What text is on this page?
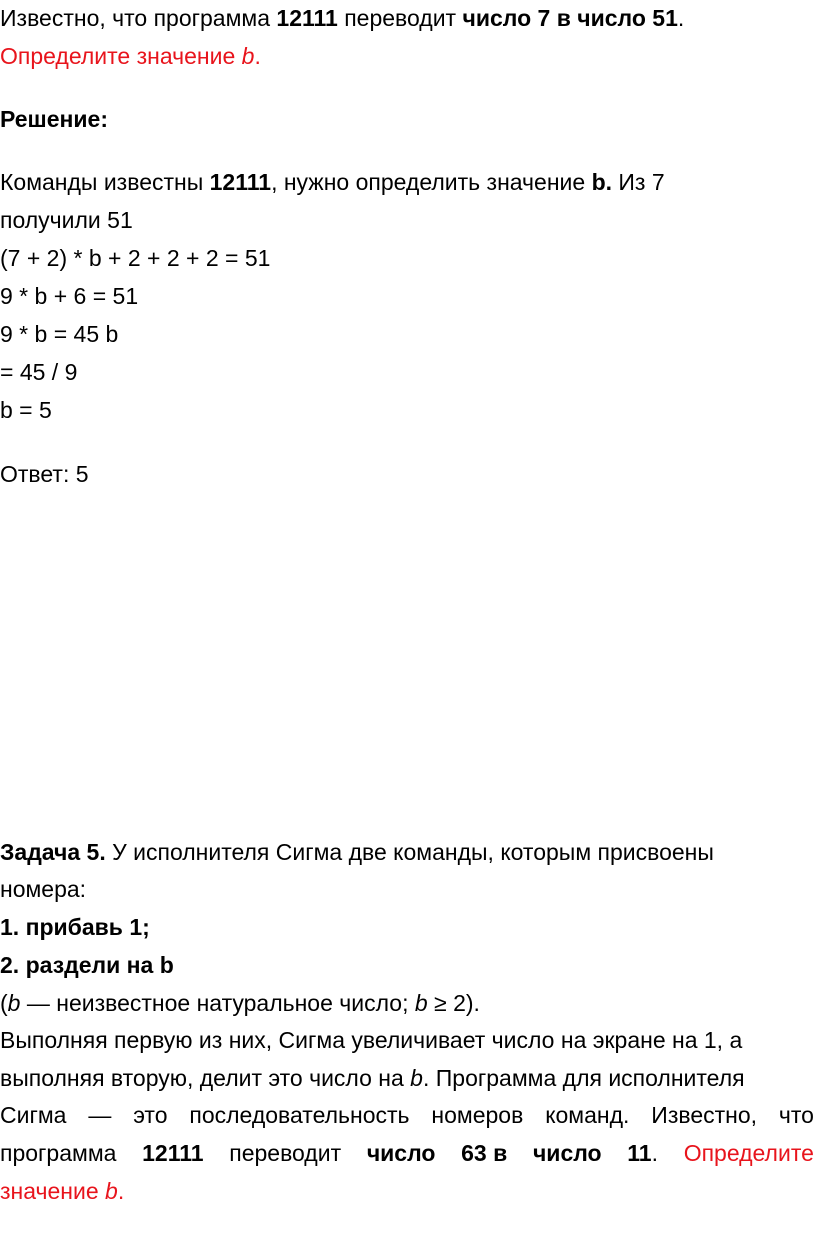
Известно, что программа 12111 переводит число 7 в число 51.

Определите значение b.

Решение:

Команды известны 12111, нужно определить значение b. Из 7

получили 51

(7 + 2) * b + 2 + 2 + 2 = 51

9 * b + 6 = 51

9 * b = 45 b

= 45 / 9

b = 5

Ответ: 5

Задача 5. У исполнителя Сигма две команды, которым присвоены

номера:

1. прибавь 1;

2. раздели на b

(b — неизвестное натуральное число; b ≥ 2).

Выполняя первую из них, Сигма увеличивает число на экране на 1, а

выполняя вторую, делит это число на b. Программа для исполнителя

Сигма — это последовательность номеров команд. Известно, что
программа 12111 переводит число 63 в число 11. Определите

значение b.
